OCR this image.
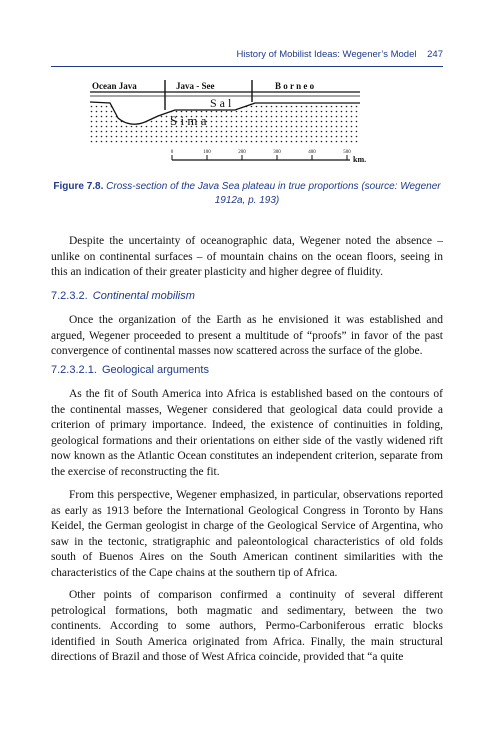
History of Mobilist Ideas: Wegener’s Model 247
Ocean Java	Java - See	B o r n e o
S a l
S i m a
0	100	200	300	400	500
km.
Figure 7.8. Cross-section of the Java Sea plateau in true proportions (source: Wegener 1912a, p. 193)

Despite the uncertainty of oceanographic data, Wegener noted the absence – unlike on continental surfaces – of mountain chains on the ocean floors, seeing in this an indication of their greater plasticity and higher degree of fluidity.

7.2.3.2. Continental mobilism

Once the organization of the Earth as he envisioned it was established and argued, Wegener proceeded to present a multitude of “proofs” in favor of the past convergence of continental masses now scattered across the surface of the globe.

7.2.3.2.1. Geological arguments

As the fit of South America into Africa is established based on the contours of the continental masses, Wegener considered that geological data could provide a criterion of primary importance. Indeed, the existence of continuities in folding, geological formations and their orientations on either side of the vastly widened rift now known as the Atlantic Ocean constitutes an independent criterion, separate from the exercise of reconstructing the fit.

From this perspective, Wegener emphasized, in particular, observations reported as early as 1913 before the International Geological Congress in Toronto by Hans Keidel, the German geologist in charge of the Geological Service of Argentina, who saw in the tectonic, stratigraphic and paleontological characteristics of old folds south of Buenos Aires on the South American continent similarities with the characteristics of the Cape chains at the southern tip of Africa.

Other points of comparison confirmed a continuity of several different petrological formations, both magmatic and sedimentary, between the two continents. According to some authors, Permo-Carboniferous erratic blocks identified in South America originated from Africa. Finally, the main structural directions of Brazil and those of West Africa coincide, provided that “a quite
